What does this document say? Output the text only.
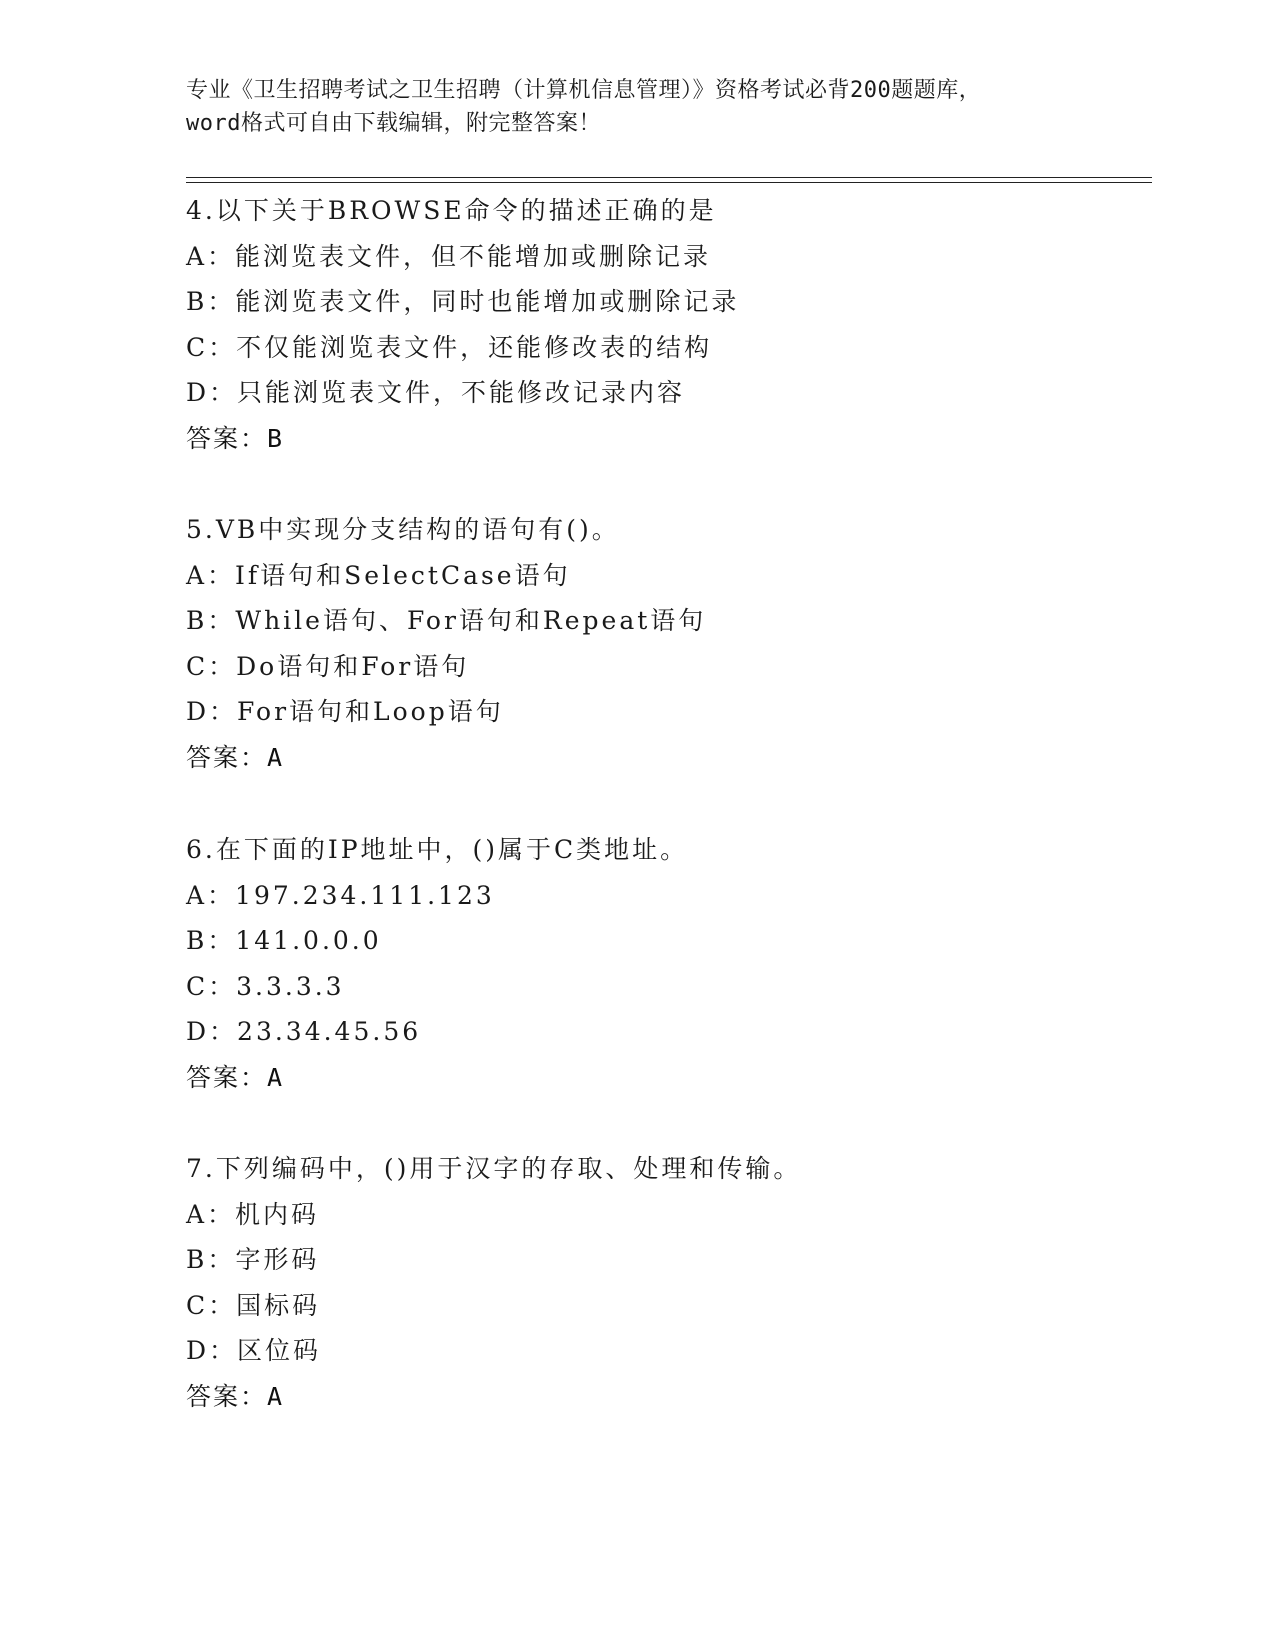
专业《卫生招聘考试之卫生招聘（计算机信息管理）》资格考试必背200题题库，
word格式可自由下载编辑，附完整答案！
4.以下关于BROWSE命令的描述正确的是
A：能浏览表文件，但不能增加或删除记录
B：能浏览表文件，同时也能增加或删除记录
C：不仅能浏览表文件，还能修改表的结构
D：只能浏览表文件，不能修改记录内容
答案：B
5.VB中实现分支结构的语句有()。
A：If语句和SelectCase语句
B：While语句、For语句和Repeat语句
C：Do语句和For语句
D：For语句和Loop语句
答案：A
6.在下面的IP地址中，()属于C类地址。
A：197.234.111.123
B：141.0.0.0
C：3.3.3.3
D：23.34.45.56
答案：A
7.下列编码中，()用于汉字的存取、处理和传输。
A：机内码
B：字形码
C：国标码
D：区位码
答案：A
